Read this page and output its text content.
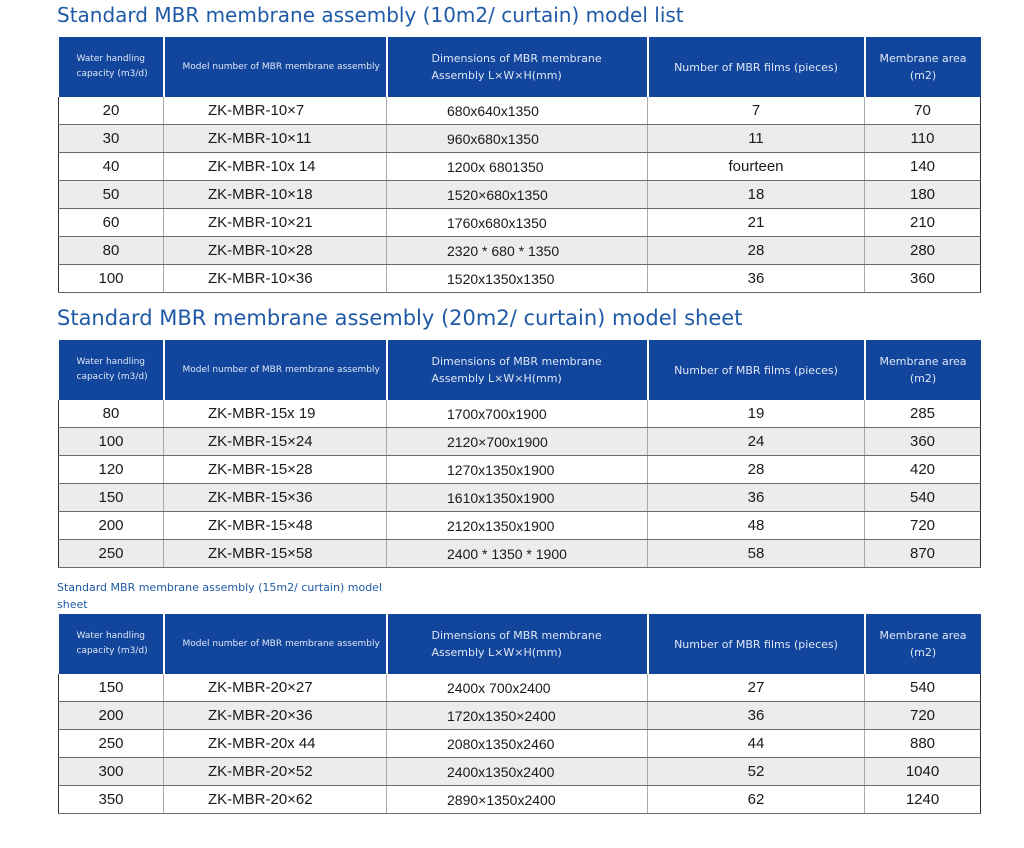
Standard MBR membrane assembly (10m2/ curtain) model list
Water handling capacity (m3/d)	Model number of MBR membrane assembly	Dimensions of MBR membrane Assembly L×W×H(mm)	Number of MBR films (pieces)	Membrane area (m2)
20	ZK-MBR-10×7	680x640x1350	7	70
30	ZK-MBR-10×11	960x680x1350	11	110
40	ZK-MBR-10x 14	1200x 6801350	fourteen	140
50	ZK-MBR-10×18	1520×680x1350	18	180
60	ZK-MBR-10×21	1760x680x1350	21	210
80	ZK-MBR-10×28	2320 * 680 * 1350	28	280
100	ZK-MBR-10×36	1520x1350x1350	36	360
Standard MBR membrane assembly (20m2/ curtain) model sheet
Water handling capacity (m3/d)	Model number of MBR membrane assembly	Dimensions of MBR membrane Assembly L×W×H(mm)	Number of MBR films (pieces)	Membrane area (m2)
80	ZK-MBR-15x 19	1700x700x1900	19	285
100	ZK-MBR-15×24	2120×700x1900	24	360
120	ZK-MBR-15×28	1270x1350x1900	28	420
150	ZK-MBR-15×36	1610x1350x1900	36	540
200	ZK-MBR-15×48	2120x1350x1900	48	720
250	ZK-MBR-15×58	2400 * 1350 * 1900	58	870
Standard MBR membrane assembly (15m2/ curtain) model sheet
Water handling capacity (m3/d)	Model number of MBR membrane assembly	Dimensions of MBR membrane Assembly L×W×H(mm)	Number of MBR films (pieces)	Membrane area (m2)
150	ZK-MBR-20×27	2400x 700x2400	27	540
200	ZK-MBR-20×36	1720x1350×2400	36	720
250	ZK-MBR-20x 44	2080x1350x2460	44	880
300	ZK-MBR-20×52	2400x1350x2400	52	1040
350	ZK-MBR-20×62	2890×1350x2400	62	1240
